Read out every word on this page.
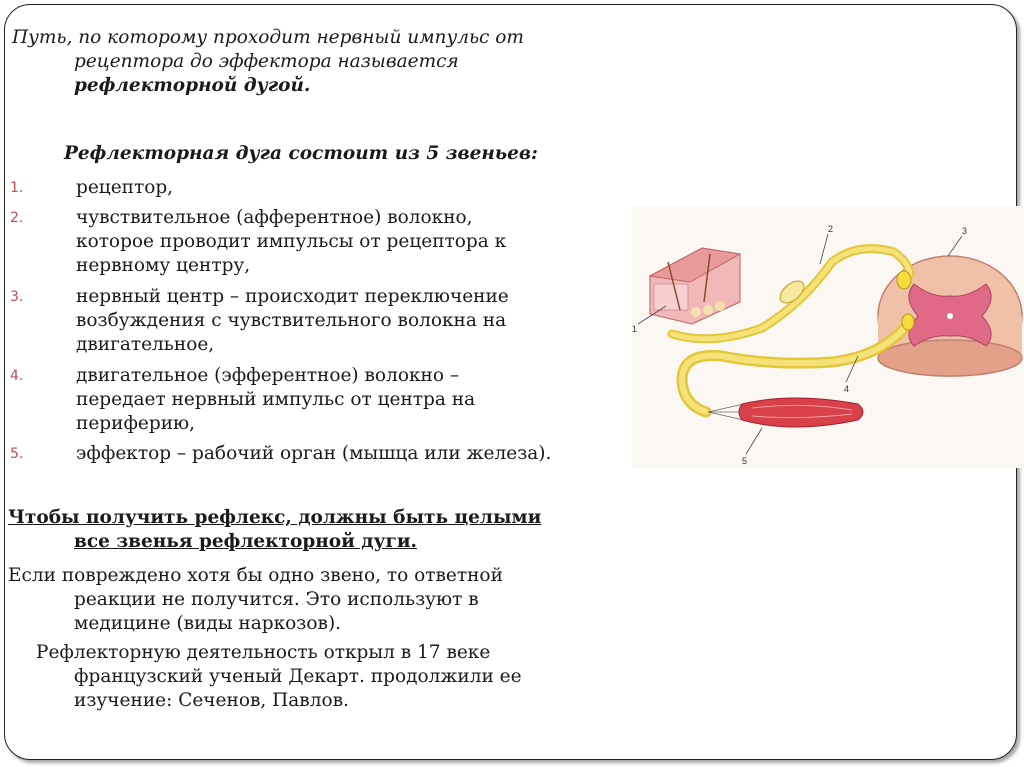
Путь, по которому проходит нервный импульс от
рецептора до эффектора называется
рефлекторной дугой.
Рефлекторная дуга состоит из 5 звеньев:
1.	рецептор,
2.	чувствительное (афферентное) волокно,
которое проводит импульсы от рецептора к
нервному центру,
3.	нервный центр – происходит переключение
возбуждения с чувствительного волокна на
двигательное,
4.	двигательное (эфферентное) волокно –
передает нервный импульс от центра на
периферию,
5.	эффектор – рабочий орган (мышца или железа).
Чтобы получить рефлекс, должны быть целыми
все звенья рефлекторной дуги.
Если повреждено хотя бы одно звено, то ответной
реакции не получится. Это используют в
медицине (виды наркозов).
Рефлекторную деятельность открыл в 17 веке
французский ученый Декарт. продолжили ее
изучение: Сеченов, Павлов.
1
2	3
4
5
